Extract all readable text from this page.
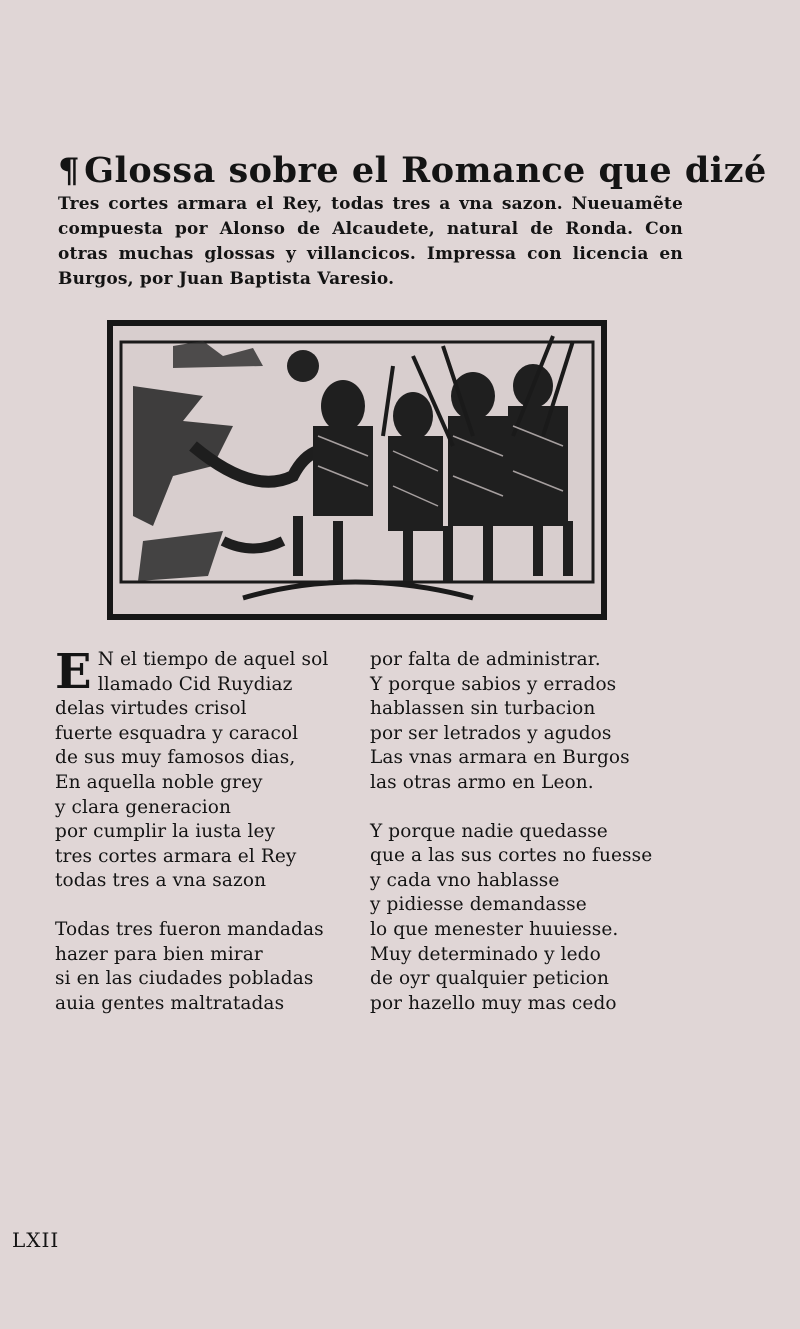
¶ Glossa sobre el Romance que dizé
Tres cortes armara el Rey, todas tres a vna sazon. Nueuamẽte compuesta por Alonso de Alcaudete, natural de Ronda. Con otras muchas glossas y villancicos. Impressa con licencia en Burgos, por Juan Baptista Varesio.
E N el tiempo de aquel sol
llamado Cid Ruydiaz
delas virtudes crisol
fuerte esquadra y caracol
de sus muy famosos dias,
En aquella noble grey
y clara generacion
por cumplir la iusta ley
tres cortes armara el Rey
todas tres a vna sazon
Todas tres fueron mandadas
hazer para bien mirar
si en las ciudades pobladas
auia gentes maltratadas
por falta de administrar.
Y porque sabios y errados
hablassen sin turbacion
por ser letrados y agudos
Las vnas armara en Burgos
las otras armo en Leon.
Y porque nadie quedasse
que a las sus cortes no fuesse
y cada vno hablasse
y pidiesse demandasse
lo que menester huuiesse.
Muy determinado y ledo
de oyr qualquier peticion
por hazello muy mas cedo
LXII
